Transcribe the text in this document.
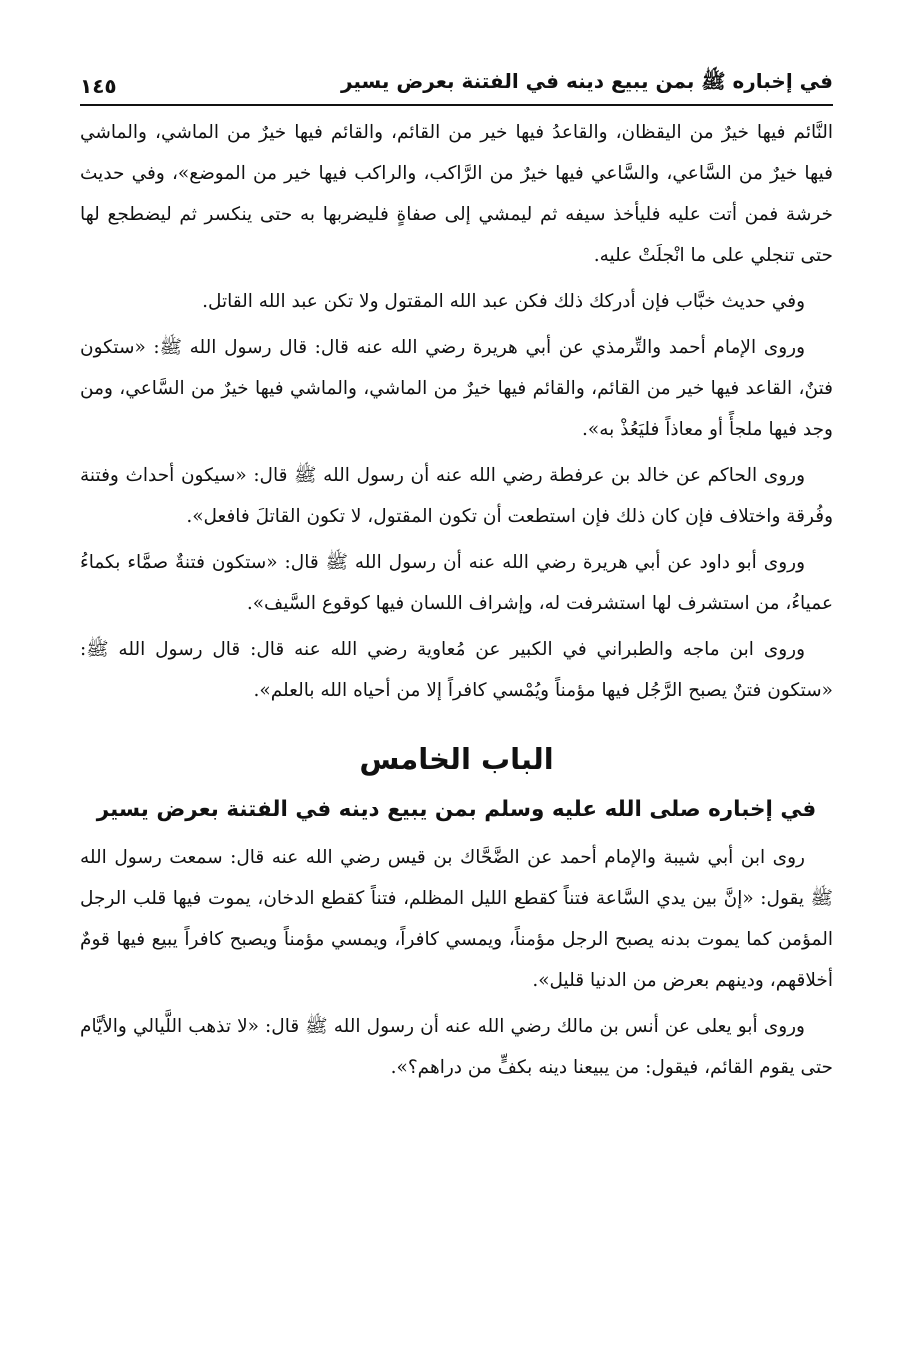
في إخباره ﷺ بمن يبيع دينه في الفتنة بعرض يسير
١٤٥

النَّائم فيها خيرٌ من اليقظان، والقاعدُ فيها خير من القائم، والقائم فيها خيرٌ من الماشي، والماشي فيها خيرٌ من السَّاعي، والسَّاعي فيها خيرٌ من الرَّاكب، والراكب فيها خير من الموضع»، وفي حديث خرشة فمن أتت عليه فليأخذ سيفه ثم ليمشي إلى صفاةٍ فليضربها به حتى ينكسر ثم ليضطجع لها حتى تنجلي على ما انْجلَتْ عليه.

وفي حديث خبَّاب فإن أدركك ذلك فكن عبد الله المقتول ولا تكن عبد الله القاتل.

وروى الإمام أحمد والتِّرمذي عن أبي هريرة رضي الله عنه قال: قال رسول الله ﷺ: «ستكون فتنٌ، القاعد فيها خير من القائم، والقائم فيها خيرٌ من الماشي، والماشي فيها خيرٌ من السَّاعي، ومن وجد فيها ملجأً أو معاذاً فليَعُذْ به».

وروى الحاكم عن خالد بن عرفطة رضي الله عنه أن رسول الله ﷺ قال: «سيكون أحداث وفتنة وفُرقة واختلاف فإن كان ذلك فإن استطعت أن تكون المقتول، لا تكون القاتلَ فافعل».

وروى أبو داود عن أبي هريرة رضي الله عنه أن رسول الله ﷺ قال: «ستكون فتنةٌ صمَّاء بكماءُ عمياءُ، من استشرف لها استشرفت له، وإشراف اللسان فيها كوقوع السَّيف».

وروى ابن ماجه والطبراني في الكبير عن مُعاوية رضي الله عنه قال: قال رسول الله ﷺ: «ستكون فتنٌ يصبح الرَّجُل فيها مؤمناً ويُمْسي كافراً إلا من أحياه الله بالعلم».

الباب الخامس
في إخباره صلى الله عليه وسلم بمن يبيع دينه في الفتنة بعرض يسير

روى ابن أبي شيبة والإمام أحمد عن الضَّحَّاك بن قيس رضي الله عنه قال: سمعت رسول الله ﷺ يقول: «إنَّ بين يدي السَّاعة فتناً كقطع الليل المظلم، فتناً كقطع الدخان، يموت فيها قلب الرجل المؤمن كما يموت بدنه يصبح الرجل مؤمناً، ويمسي كافراً، ويمسي مؤمناً ويصبح كافراً يبيع فيها قومٌ أخلاقهم، ودينهم بعرض من الدنيا قليل».

وروى أبو يعلى عن أنس بن مالك رضي الله عنه أن رسول الله ﷺ قال: «لا تذهب اللَّيالي والأيَّام حتى يقوم القائم، فيقول: من يبيعنا دينه بكفٍّ من دراهم؟».
